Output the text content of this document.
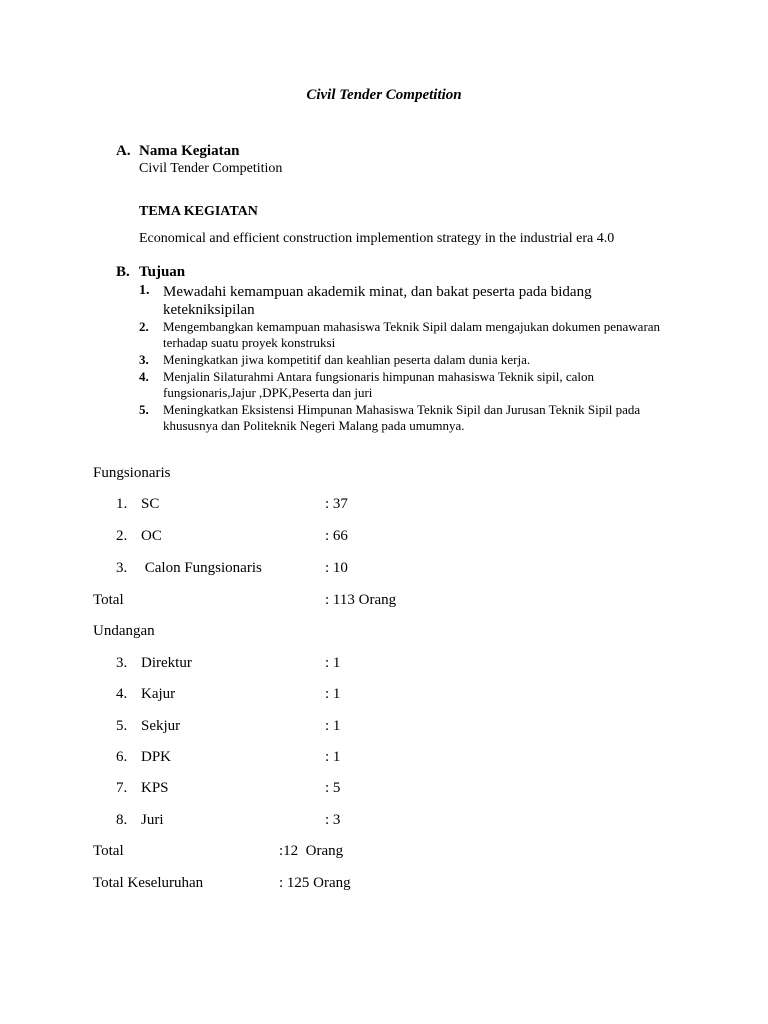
Civil Tender Competition
A. Nama Kegiatan
Civil Tender Competition
TEMA KEGIATAN
Economical and efficient construction implemention strategy in the industrial era 4.0
B. Tujuan
1. Mewadahi kemampuan akademik minat, dan bakat peserta pada bidang ketekniksipilan
2. Mengembangkan kemampuan mahasiswa Teknik Sipil dalam mengajukan dokumen penawaran terhadap suatu proyek konstruksi
3. Meningkatkan jiwa kompetitif dan keahlian peserta dalam dunia kerja.
4. Menjalin Silaturahmi Antara fungsionaris himpunan mahasiswa Teknik sipil, calon fungsionaris,Jajur ,DPK,Peserta dan juri
5. Meningkatkan Eksistensi Himpunan Mahasiswa Teknik Sipil dan Jurusan Teknik Sipil pada khususnya dan Politeknik Negeri Malang pada umumnya.
Fungsionaris
1. SC	: 37
2. OC	: 66
3. Calon Fungsionaris	: 10
Total	: 113 Orang
Undangan
3. Direktur	: 1
4. Kajur	: 1
5. Sekjur	: 1
6. DPK	: 1
7. KPS	: 5
8. Juri	: 3
Total	:12  Orang
Total Keseluruhan	: 125 Orang
